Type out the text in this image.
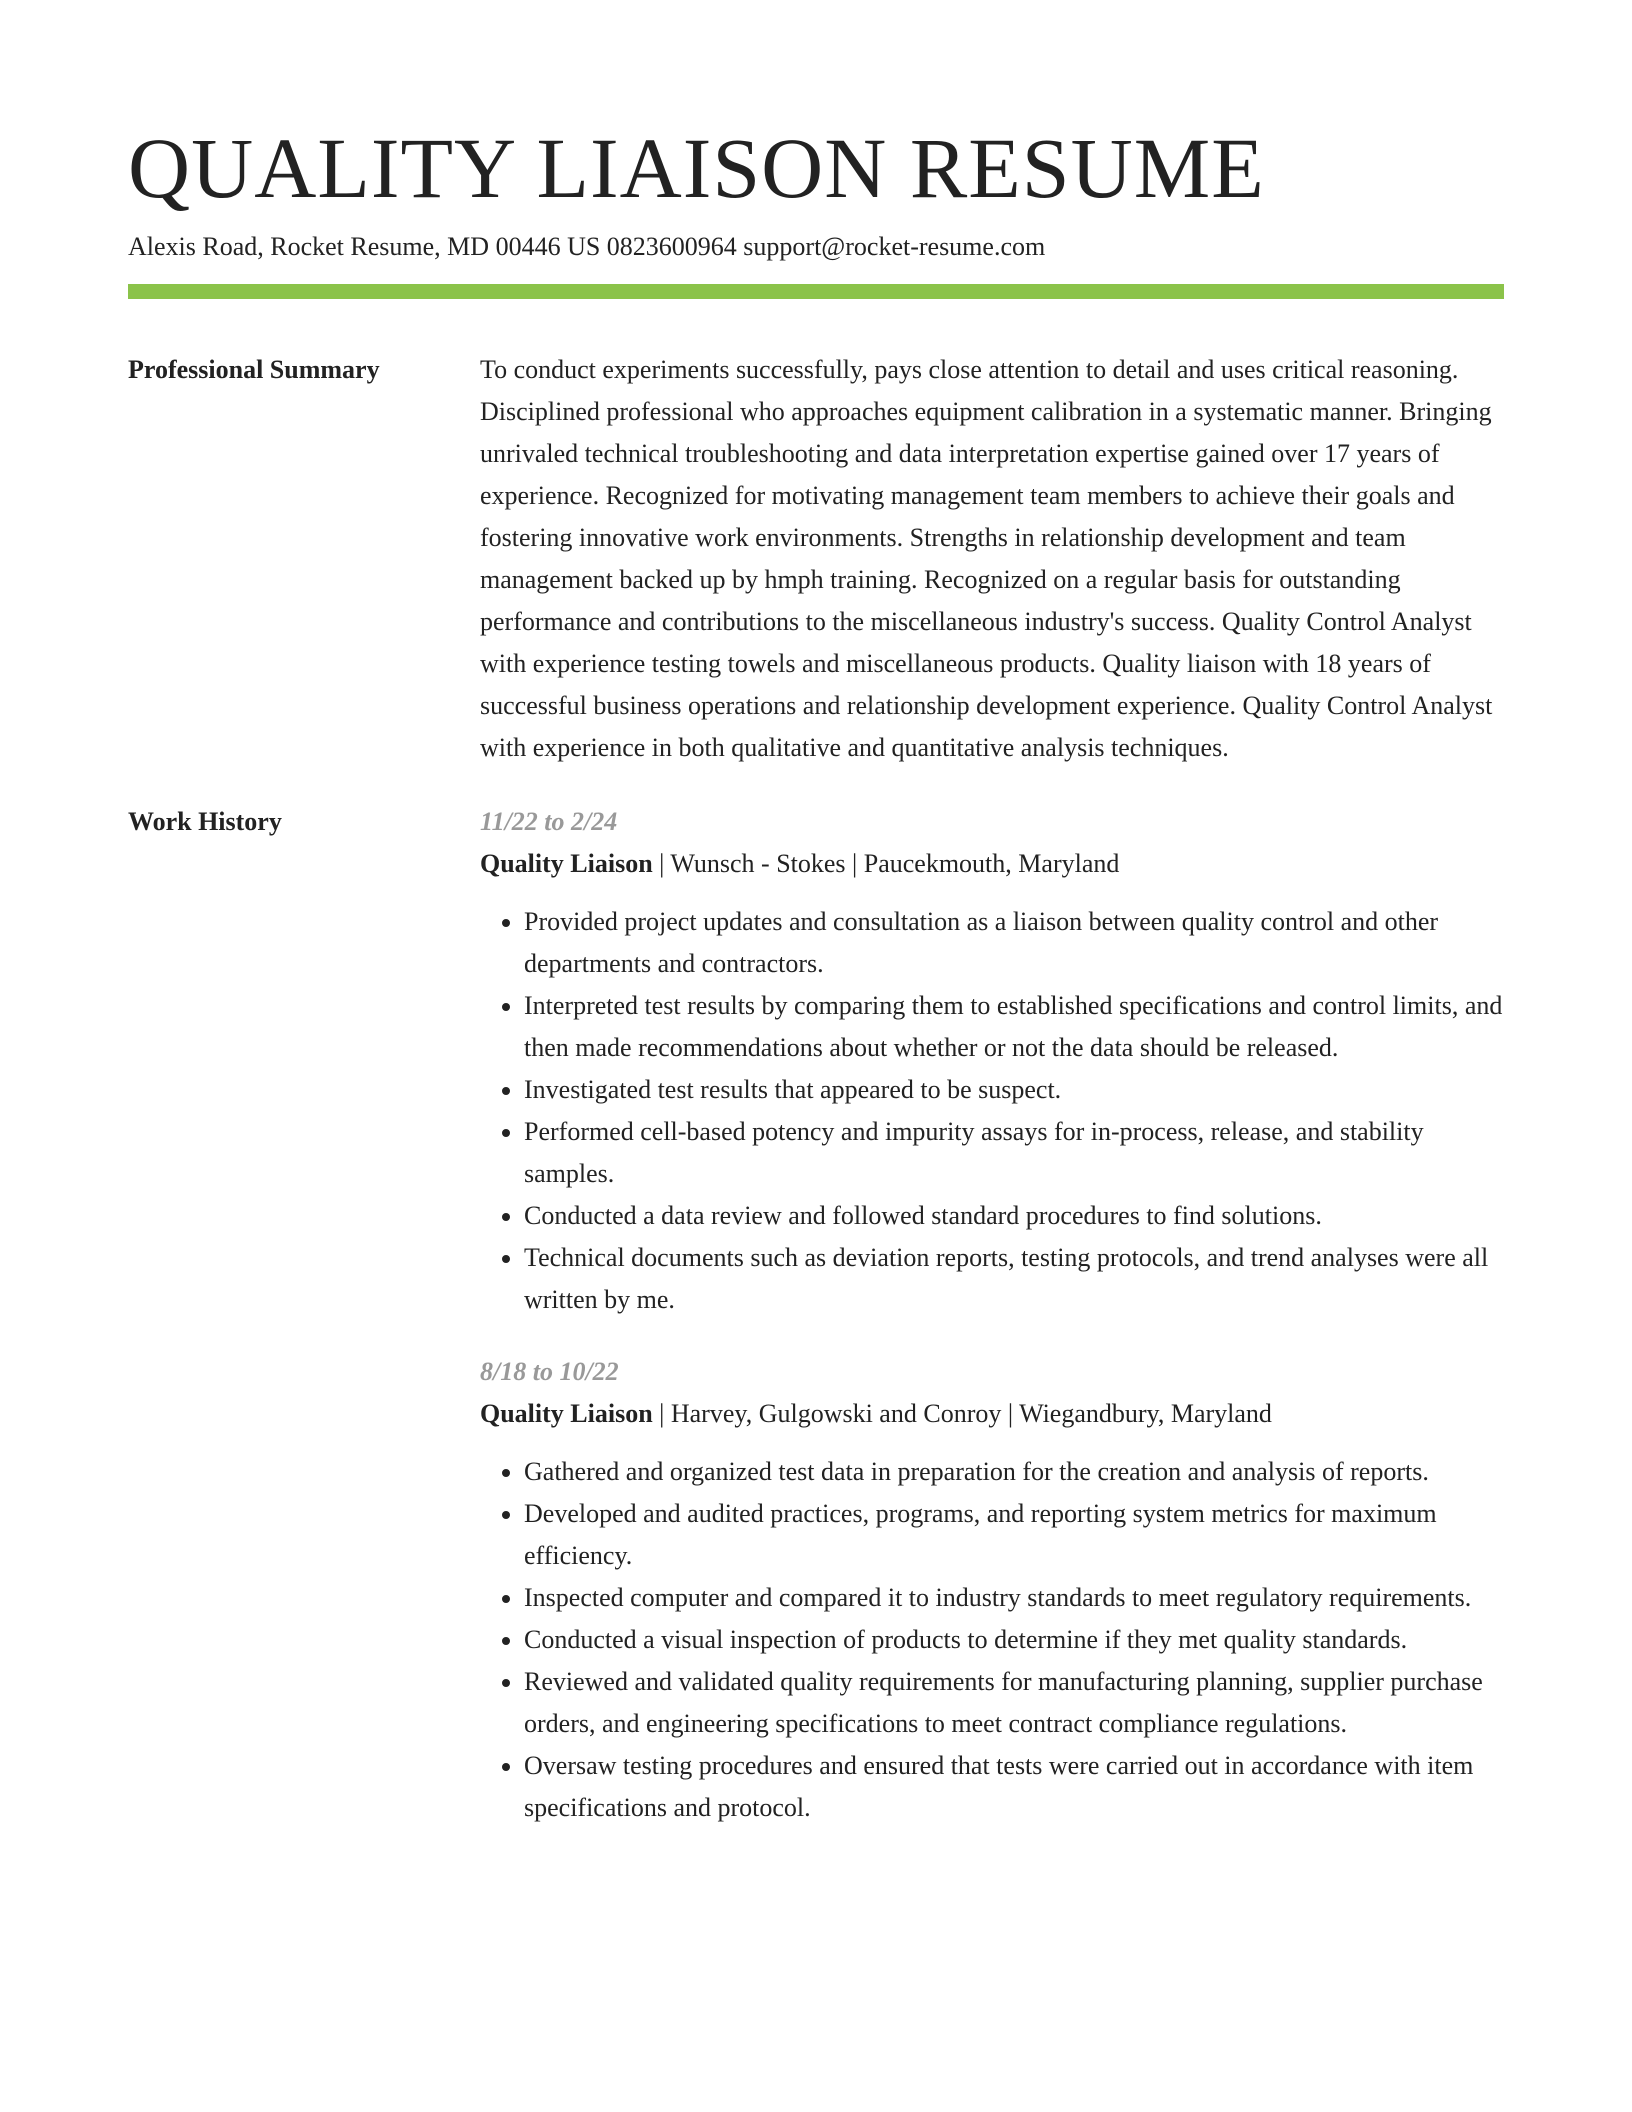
QUALITY LIAISON RESUME
Alexis Road, Rocket Resume, MD 00446 US 0823600964 support@rocket-resume.com
Professional Summary	To conduct experiments successfully, pays close attention to detail and uses critical reasoning. Disciplined professional who approaches equipment calibration in a systematic manner. Bringing unrivaled technical troubleshooting and data interpretation expertise gained over 17 years of experience. Recognized for motivating management team members to achieve their goals and fostering innovative work environments. Strengths in relationship development and team management backed up by hmph training. Recognized on a regular basis for outstanding performance and contributions to the miscellaneous industry's success. Quality Control Analyst with experience testing towels and miscellaneous products. Quality liaison with 18 years of successful business operations and relationship development experience. Quality Control Analyst with experience in both qualitative and quantitative analysis techniques.

Work History	11/22 to 2/24
Quality Liaison | Wunsch - Stokes | Paucekmouth, Maryland
• Provided project updates and consultation as a liaison between quality control and other departments and contractors.
• Interpreted test results by comparing them to established specifications and control limits, and then made recommendations about whether or not the data should be released.
• Investigated test results that appeared to be suspect.
• Performed cell-based potency and impurity assays for in-process, release, and stability samples.
• Conducted a data review and followed standard procedures to find solutions.
• Technical documents such as deviation reports, testing protocols, and trend analyses were all written by me.
8/18 to 10/22
Quality Liaison | Harvey, Gulgowski and Conroy | Wiegandbury, Maryland
• Gathered and organized test data in preparation for the creation and analysis of reports.
• Developed and audited practices, programs, and reporting system metrics for maximum efficiency.
• Inspected computer and compared it to industry standards to meet regulatory requirements.
• Conducted a visual inspection of products to determine if they met quality standards.
• Reviewed and validated quality requirements for manufacturing planning, supplier purchase orders, and engineering specifications to meet contract compliance regulations.
• Oversaw testing procedures and ensured that tests were carried out in accordance with item specifications and protocol.
